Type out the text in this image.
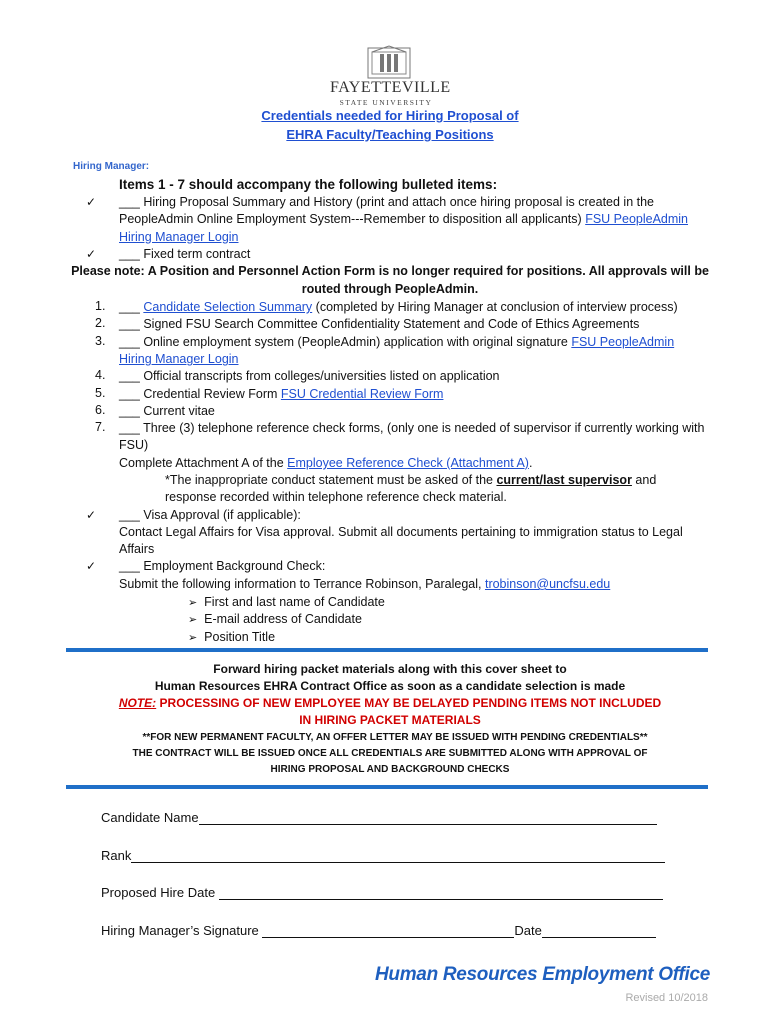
FAYETTEVILLE
STATE UNIVERSITY
Credentials needed for Hiring Proposal of
EHRA Faculty/Teaching Positions
Hiring Manager:
Items 1 - 7 should accompany the following bulleted items:
✓ ___ Hiring Proposal Summary and History (print and attach once hiring proposal is created in the PeopleAdmin Online Employment System---Remember to disposition all applicants) FSU PeopleAdmin Hiring Manager Login
✓ ___ Fixed term contract
Please note: A Position and Personnel Action Form is no longer required for positions. All approvals will be
routed through PeopleAdmin.
1. ___ Candidate Selection Summary (completed by Hiring Manager at conclusion of interview process)
2. ___ Signed FSU Search Committee Confidentiality Statement and Code of Ethics Agreements
3. ___ Online employment system (PeopleAdmin) application with original signature FSU PeopleAdmin Hiring Manager Login
4. ___ Official transcripts from colleges/universities listed on application
5. ___ Credential Review Form FSU Credential Review Form
6. ___ Current vitae
7. ___ Three (3) telephone reference check forms, (only one is needed of supervisor if currently working with FSU)
Complete Attachment A of the Employee Reference Check (Attachment A).
*The inappropriate conduct statement must be asked of the current/last supervisor and response recorded within telephone reference check material.
✓ ___ Visa Approval (if applicable):
Contact Legal Affairs for Visa approval. Submit all documents pertaining to immigration status to Legal Affairs
✓ ___ Employment Background Check:
Submit the following information to Terrance Robinson, Paralegal, trobinson@uncfsu.edu
➢ First and last name of Candidate
➢ E-mail address of Candidate
➢ Position Title
Forward hiring packet materials along with this cover sheet to
Human Resources EHRA Contract Office as soon as a candidate selection is made
NOTE: PROCESSING OF NEW EMPLOYEE MAY BE DELAYED PENDING ITEMS NOT INCLUDED
IN HIRING PACKET MATERIALS
**FOR NEW PERMANENT FACULTY, AN OFFER LETTER MAY BE ISSUED WITH PENDING CREDENTIALS**
THE CONTRACT WILL BE ISSUED ONCE ALL CREDENTIALS ARE SUBMITTED ALONG WITH APPROVAL OF
HIRING PROPOSAL AND BACKGROUND CHECKS
Candidate Name
Rank
Proposed Hire Date
Hiring Manager’s Signature	Date
Human Resources Employment Office
Revised 10/2018
